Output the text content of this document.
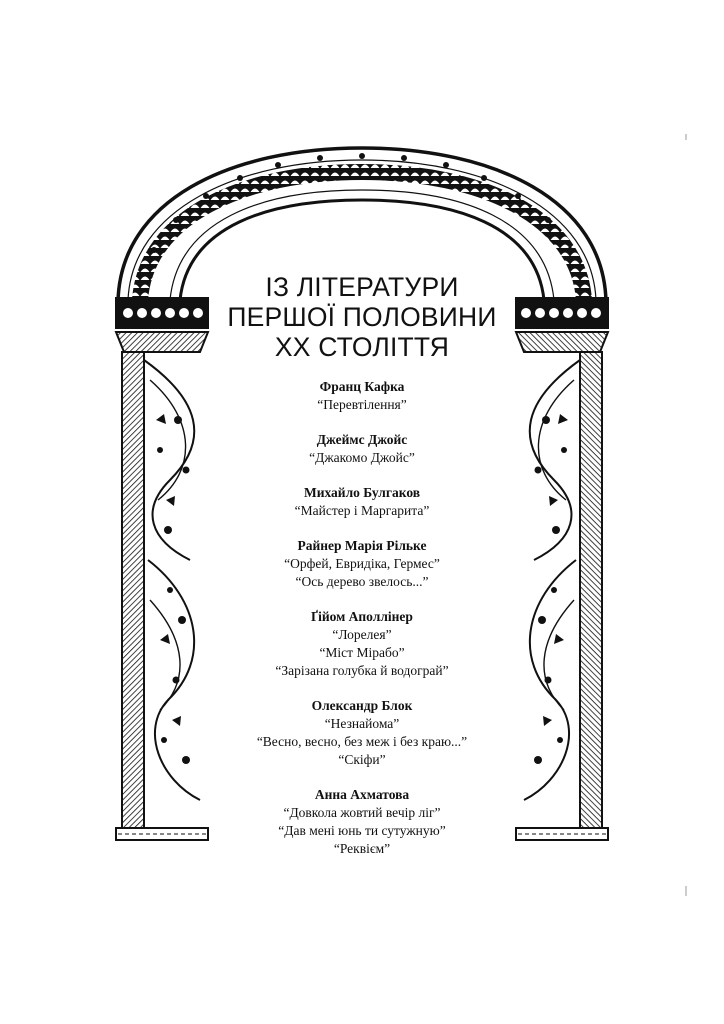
ІЗ ЛІТЕРАТУРИ
ПЕРШОЇ ПОЛОВИНИ
ХХ СТОЛІТТЯ
Франц Кафка
“Перевтілення”
Джеймс Джойс
“Джакомо Джойс”
Михайло Булгаков
“Майстер і Маргарита”
Райнер Марія Рільке
“Орфей, Евридіка, Гермес”
“Ось дерево звелось...”
Ґійом Аполлінер
“Лорелея”
“Міст Мірабо”
“Зарізана голубка й водограй”
Олександр Блок
“Незнайома”
“Весно, весно, без меж і без краю...”
“Скіфи”
Анна Ахматова
“Довкола жовтий вечір ліг”
“Дав мені юнь ти сутужную”
“Реквієм”
